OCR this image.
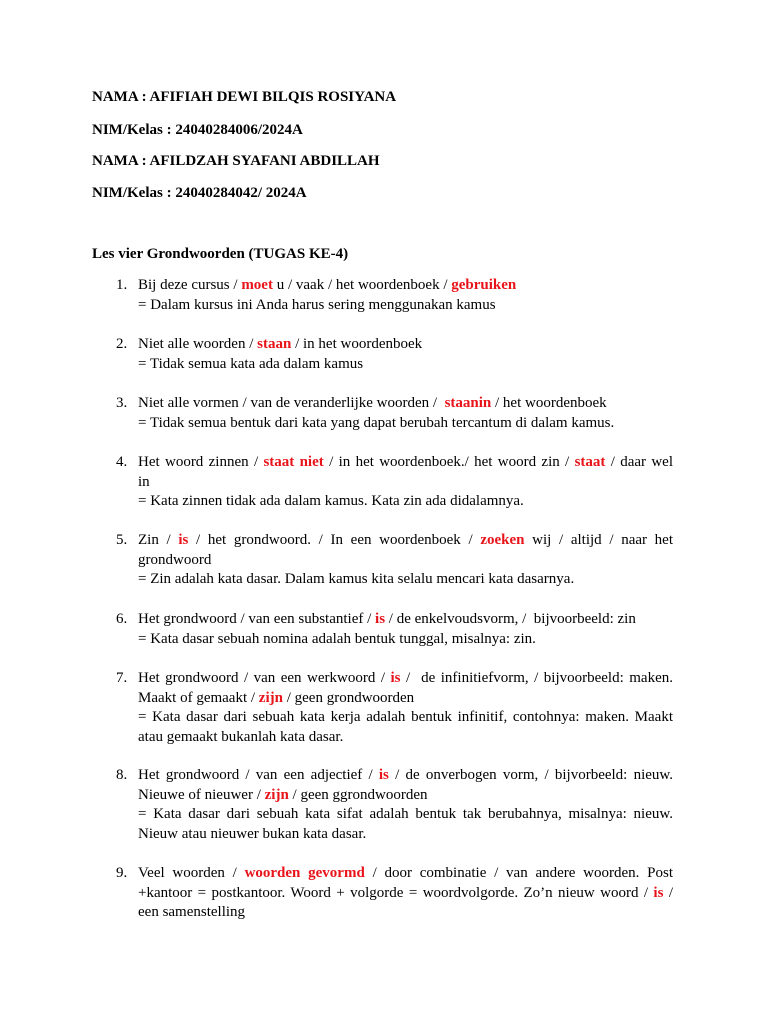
NAMA : AFIFIAH DEWI BILQIS ROSIYANA
NIM/Kelas : 24040284006/2024A
NAMA : AFILDZAH SYAFANI ABDILLAH
NIM/Kelas : 24040284042/ 2024A
Les vier Grondwoorden (TUGAS KE-4)
1. Bij deze cursus / moet u / vaak / het woordenboek / gebruiken
= Dalam kursus ini Anda harus sering menggunakan kamus
2. Niet alle woorden / staan / in het woordenboek
= Tidak semua kata ada dalam kamus
3. Niet alle vormen / van de veranderlijke woorden /  staanin / het woordenboek
= Tidak semua bentuk dari kata yang dapat berubah tercantum di dalam kamus.
4. Het woord zinnen / staat niet / in het woordenboek./ het woord zin / staat / daar wel
in
= Kata zinnen tidak ada dalam kamus. Kata zin ada didalamnya.
5. Zin / is / het grondwoord. / In een woordenboek / zoeken wij / altijd / naar het
grondwoord
= Zin adalah kata dasar. Dalam kamus kita selalu mencari kata dasarnya.
6. Het grondwoord / van een substantief / is / de enkelvoudsvorm, /  bijvoorbeeld: zin
= Kata dasar sebuah nomina adalah bentuk tunggal, misalnya: zin.
7. Het grondwoord / van een werkwoord / is /  de infinitiefvorm, / bijvoorbeeld: maken.
Maakt of gemaakt / zijn / geen grondwoorden
= Kata dasar dari sebuah kata kerja adalah bentuk infinitif, contohnya: maken. Maakt
atau gemaakt bukanlah kata dasar.
8. Het grondwoord / van een adjectief / is / de onverbogen vorm, / bijvorbeeld: nieuw.
Nieuwe of nieuwer / zijn / geen ggrondwoorden
= Kata dasar dari sebuah kata sifat adalah bentuk tak berubahnya, misalnya: nieuw.
Nieuw atau nieuwer bukan kata dasar.
9. Veel woorden / woorden gevormd / door combinatie / van andere woorden. Post
+kantoor = postkantoor. Woord + volgorde = woordvolgorde. Zo’n nieuw woord / is /
een samenstelling
